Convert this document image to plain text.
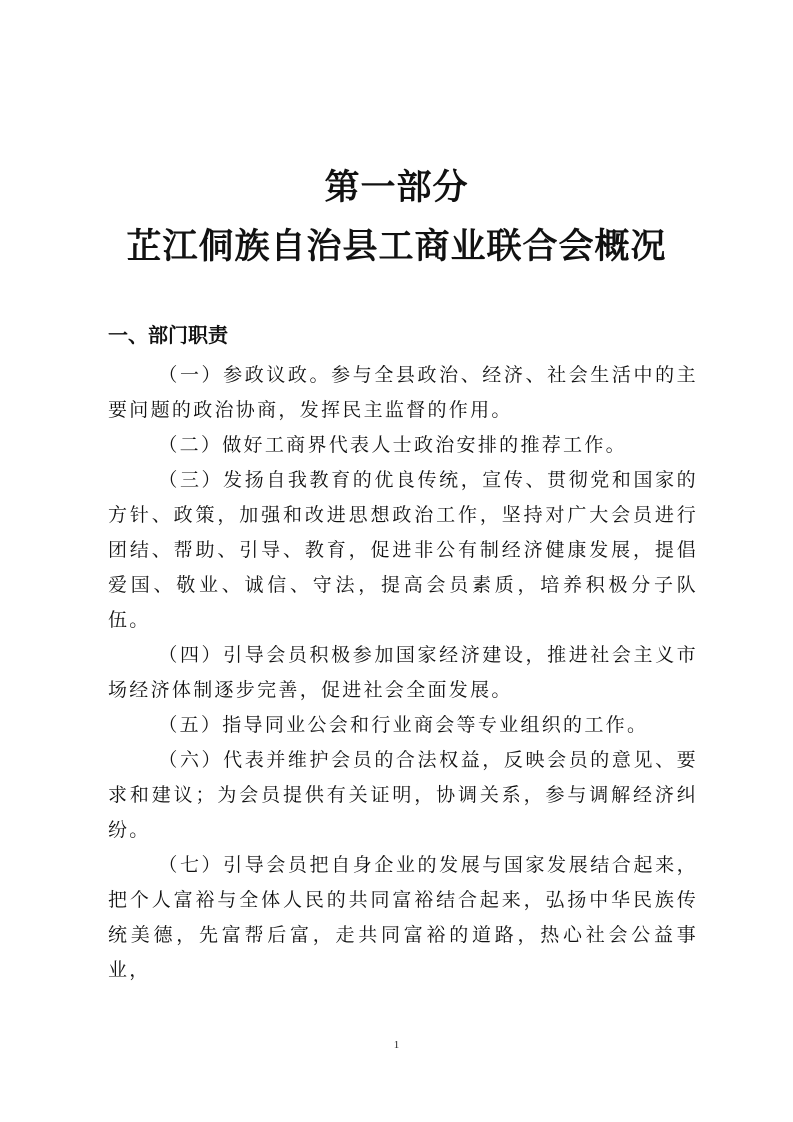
第一部分
芷江侗族自治县工商业联合会概况
一、部门职责

（一）参政议政。参与全县政治、经济、社会生活中的主要问题的政治协商，发挥民主监督的作用。

（二）做好工商界代表人士政治安排的推荐工作。

（三）发扬自我教育的优良传统，宣传、贯彻党和国家的方针、政策，加强和改进思想政治工作，坚持对广大会员进行团结、帮助、引导、教育，促进非公有制经济健康发展，提倡爱国、敬业、诚信、守法，提高会员素质，培养积极分子队伍。

（四）引导会员积极参加国家经济建设，推进社会主义市场经济体制逐步完善，促进社会全面发展。

（五）指导同业公会和行业商会等专业组织的工作。

（六）代表并维护会员的合法权益，反映会员的意见、要求和建议；为会员提供有关证明，协调关系，参与调解经济纠纷。

（七）引导会员把自身企业的发展与国家发展结合起来，把个人富裕与全体人民的共同富裕结合起来，弘扬中华民族传统美德，先富帮后富，走共同富裕的道路，热心社会公益事业，

1
